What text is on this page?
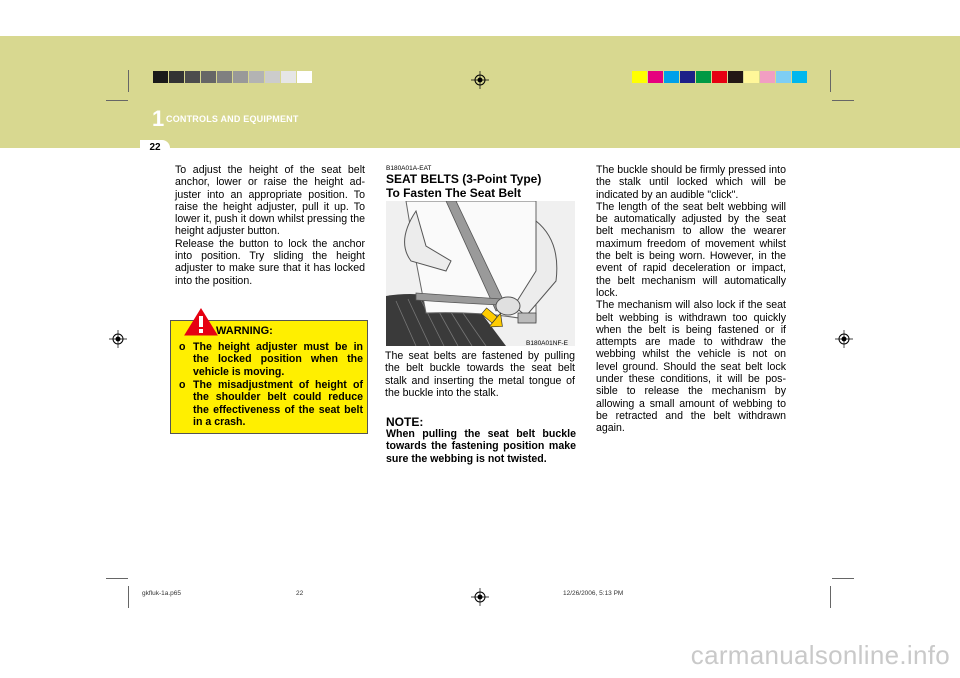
1 CONTROLS AND EQUIPMENT
22
To adjust the height of the seat belt anchor, lower or raise the height ad-juster into an appropriate position. To raise the height adjuster, pull it up. To lower it, push it down whilst pressing the height adjuster button.
Release the button to lock the anchor into position. Try sliding the height adjuster to make sure that it has locked into the position.
o The height adjuster must be in the locked position when the vehicle is moving.
o The misadjustment of height of the shoulder belt could reduce the effectiveness of the seat belt in a crash.
WARNING:
B180A01A-EAT
SEAT BELTS (3-Point Type)
To Fasten The Seat Belt
B180A01NF-E
The seat belts are fastened by pulling the belt buckle towards the seat belt stalk and inserting the metal tongue of the buckle into the stalk.
NOTE:
When pulling the seat belt buckle towards the fastening position make sure the webbing is not twisted.
The buckle should be firmly pressed into the stalk until locked which will be indicated by an audible "click".
The length of the seat belt webbing will be automatically adjusted by the seat belt mechanism to allow the wearer maximum freedom of movement whilst the belt is being worn. However, in the event of rapid deceleration or impact, the belt mechanism will automatically lock.
The mechanism will also lock if the seat belt webbing is withdrawn too quickly when the belt is being fastened or if attempts are made to withdraw the webbing whilst the vehicle is not on level ground. Should the seat belt lock under these conditions, it will be pos-sible to release the mechanism by allowing a small amount of webbing to be retracted and the belt withdrawn again.
gkfluk-1a.p65	22	12/26/2006, 5:13 PM
carmanualsonline.info
